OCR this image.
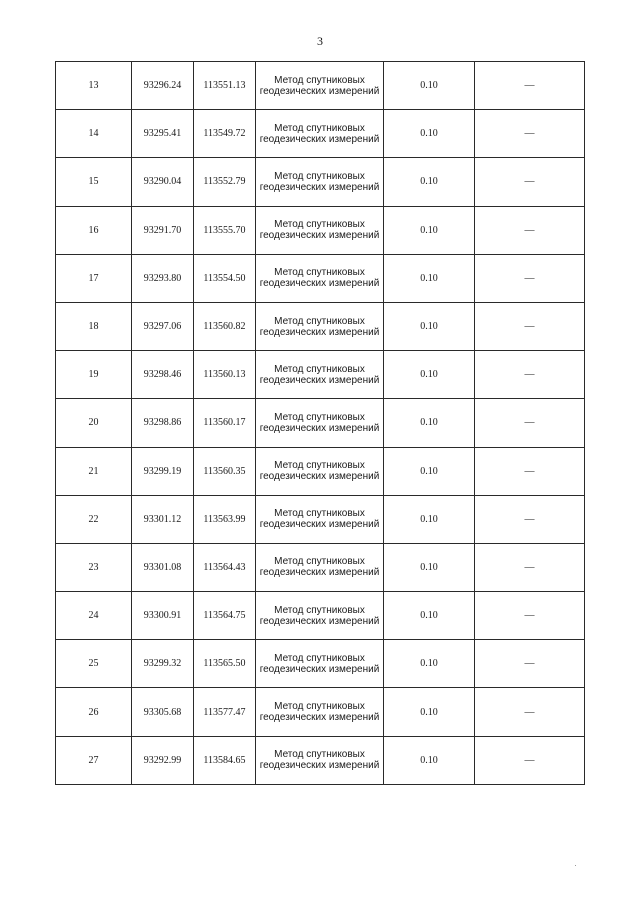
3
13	93296.24	113551.13	Метод спутниковых
геодезических измерений	0.10	—
14	93295.41	113549.72	Метод спутниковых
геодезических измерений	0.10	—
15	93290.04	113552.79	Метод спутниковых
геодезических измерений	0.10	—
16	93291.70	113555.70	Метод спутниковых
геодезических измерений	0.10	—
17	93293.80	113554.50	Метод спутниковых
геодезических измерений	0.10	—
18	93297.06	113560.82	Метод спутниковых
геодезических измерений	0.10	—
19	93298.46	113560.13	Метод спутниковых
геодезических измерений	0.10	—
20	93298.86	113560.17	Метод спутниковых
геодезических измерений	0.10	—
21	93299.19	113560.35	Метод спутниковых
геодезических измерений	0.10	—
22	93301.12	113563.99	Метод спутниковых
геодезических измерений	0.10	—
23	93301.08	113564.43	Метод спутниковых
геодезических измерений	0.10	—
24	93300.91	113564.75	Метод спутниковых
геодезических измерений	0.10	—
25	93299.32	113565.50	Метод спутниковых
геодезических измерений	0.10	—
26	93305.68	113577.47	Метод спутниковых
геодезических измерений	0.10	—
27	93292.99	113584.65	Метод спутниковых
геодезических измерений	0.10	—
